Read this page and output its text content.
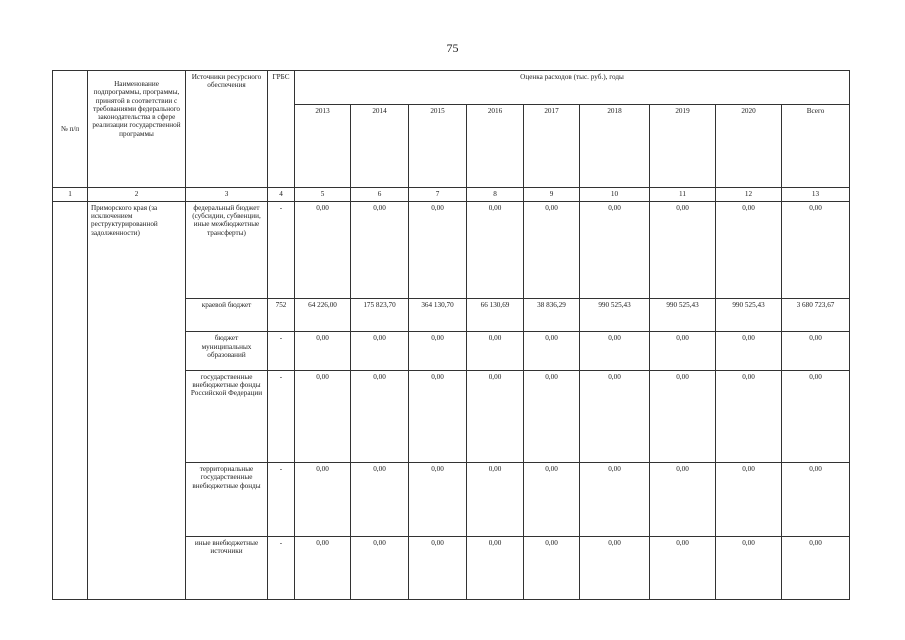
75
№ п/п	Наименование подпрограммы, программы, принятой в соответствии с требованиями федерального законодательства в сфере реализации государственной программы	Источники ресурсного обеспечения	ГРБС	Оценка расходов (тыс. руб.), годы								
				2013	2014	2015	2016	2017	2018	2019	2020	Всего
1	2	3	4	5	6	7	8	9	10	11	12	13
	Приморского края (за исключением реструктурированной задолженности)	федеральный бюджет (субсидии, субвенции, иные межбюджетные трансферты)	-	0,00	0,00	0,00	0,00	0,00	0,00	0,00	0,00	0,00
		краевой бюджет	752	64 226,00	175 823,70	364 130,70	66 130,69	38 836,29	990 525,43	990 525,43	990 525,43	3 680 723,67
		бюджет муниципальных образований	-	0,00	0,00	0,00	0,00	0,00	0,00	0,00	0,00	0,00
		государственные внебюджетные фонды Российской Федерации	-	0,00	0,00	0,00	0,00	0,00	0,00	0,00	0,00	0,00
		территориальные государственные внебюджетные фонды	-	0,00	0,00	0,00	0,00	0,00	0,00	0,00	0,00	0,00
		иные внебюджетные источники	-	0,00	0,00	0,00	0,00	0,00	0,00	0,00	0,00	0,00
